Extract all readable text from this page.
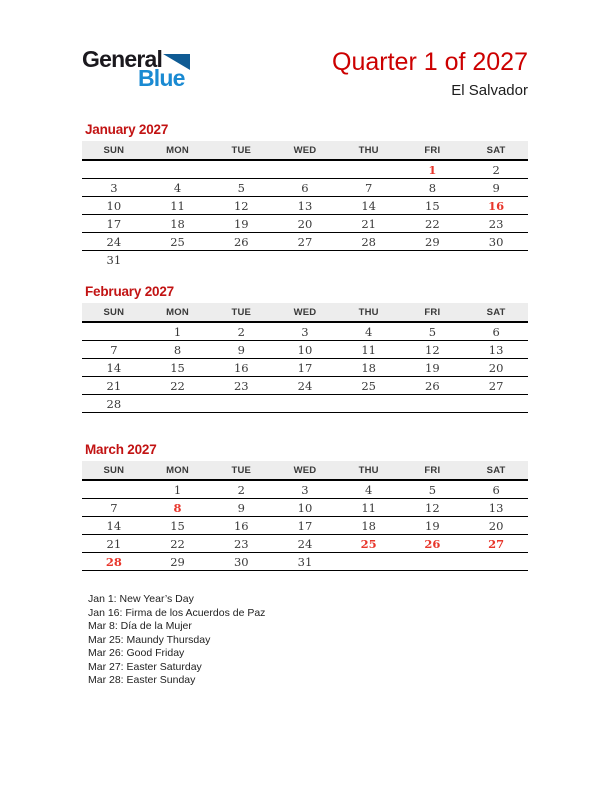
General
Blue
Quarter 1 of 2027
El Salvador
January 2027
SUN	MON	TUE	WED	THU	FRI	SAT
					1	2
3	4	5	6	7	8	9
10	11	12	13	14	15	16
17	18	19	20	21	22	23
24	25	26	27	28	29	30
31						
February 2027
SUN	MON	TUE	WED	THU	FRI	SAT
	1	2	3	4	5	6
7	8	9	10	11	12	13
14	15	16	17	18	19	20
21	22	23	24	25	26	27
28						
March 2027
SUN	MON	TUE	WED	THU	FRI	SAT
	1	2	3	4	5	6
7	8	9	10	11	12	13
14	15	16	17	18	19	20
21	22	23	24	25	26	27
28	29	30	31			
Jan 1: New Year’s Day
Jan 16: Firma de los Acuerdos de Paz
Mar 8: Día de la Mujer
Mar 25: Maundy Thursday
Mar 26: Good Friday
Mar 27: Easter Saturday
Mar 28: Easter Sunday
